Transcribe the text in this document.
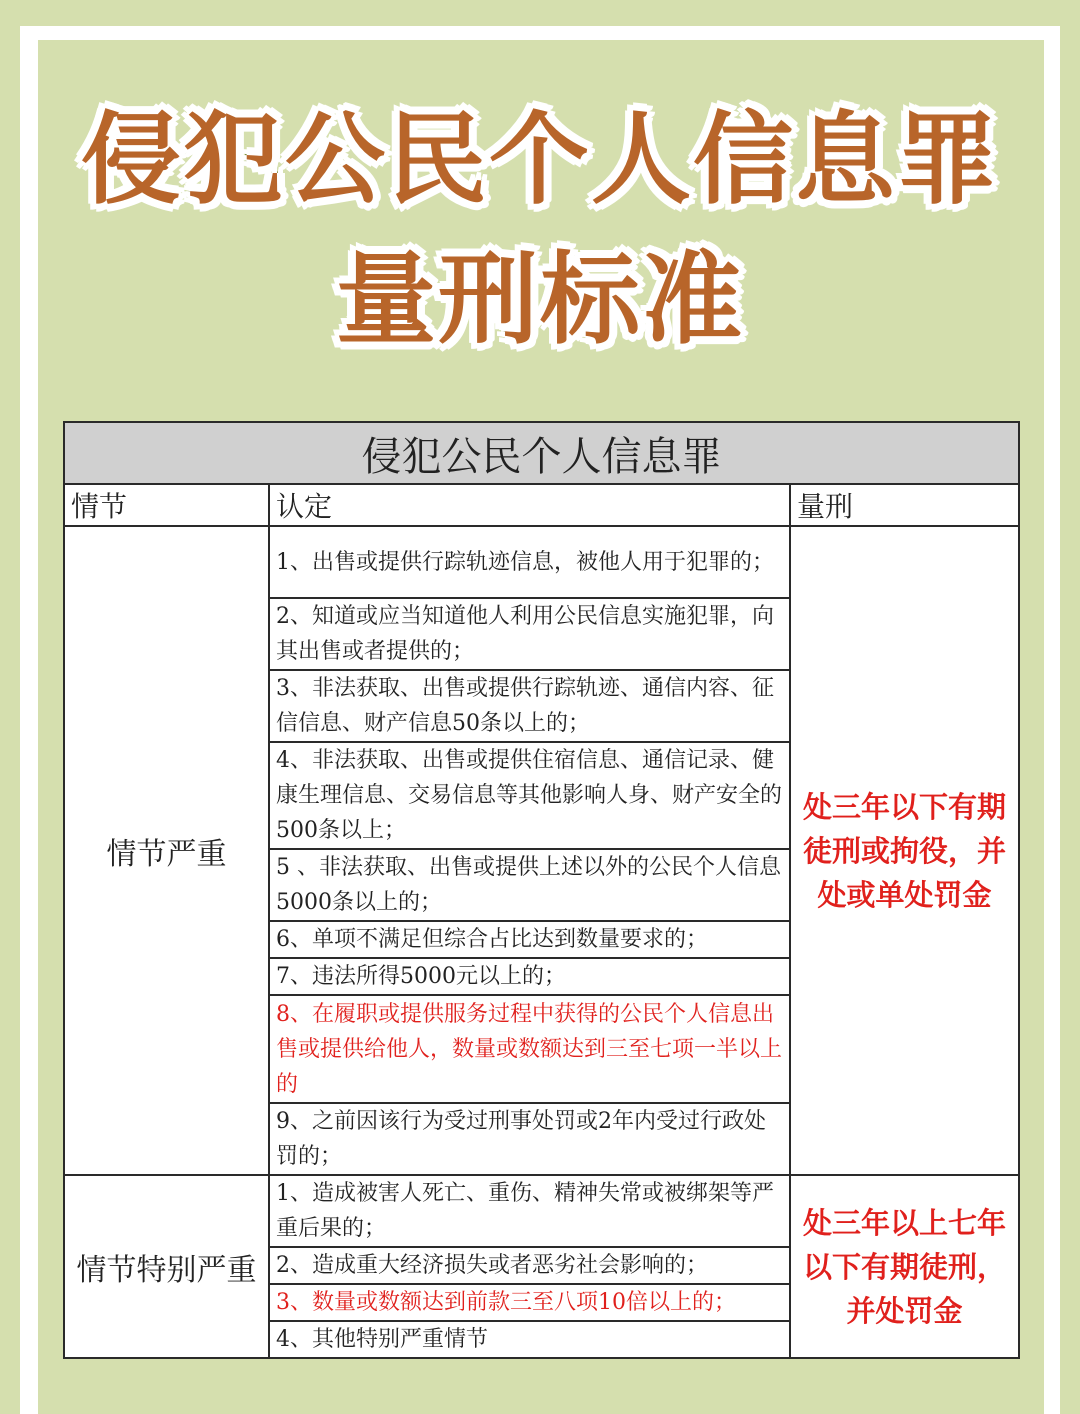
侵犯公民个人信息罪
量刑标准
侵犯公民个人信息罪		
情节	认定	量刑
情节严重	1、出售或提供行踪轨迹信息，被他人用于犯罪的；	处三年以下有期徒刑或拘役，并处或单处罚金
	2、知道或应当知道他人利用公民信息实施犯罪，向其出售或者提供的；	
	3、非法获取、出售或提供行踪轨迹、通信内容、征信信息、财产信息50条以上的；	
	4、非法获取、出售或提供住宿信息、通信记录、健康生理信息、交易信息等其他影响人身、财产安全的500条以上；	
	5 、非法获取、出售或提供上述以外的公民个人信息5000条以上的；	
	6、单项不满足但综合占比达到数量要求的；	
	7、违法所得5000元以上的；	
	8、在履职或提供服务过程中获得的公民个人信息出售或提供给他人，数量或数额达到三至七项一半以上的	
	9、之前因该行为受过刑事处罚或2年内受过行政处罚的；	
情节特别严重	1、造成被害人死亡、重伤、精神失常或被绑架等严重后果的；	处三年以上七年以下有期徒刑，并处罚金
	2、造成重大经济损失或者恶劣社会影响的；	
	3、数量或数额达到前款三至八项10倍以上的；	
	4、其他特别严重情节	
